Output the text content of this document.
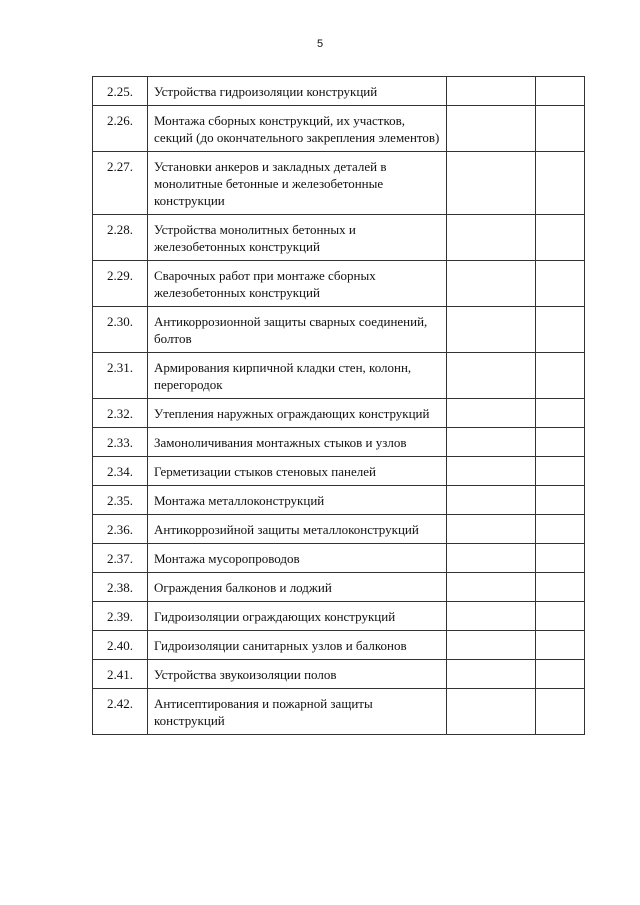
5
2.25.	Устройства гидроизоляции конструкций		
2.26.	Монтажа сборных конструкций, их участков, секций (до окончательного закрепления элементов)		
2.27.	Установки анкеров и закладных деталей в монолитные бетонные и железобетонные конструкции		
2.28.	Устройства монолитных бетонных и железобетонных конструкций		
2.29.	Сварочных работ при монтаже сборных железобетонных конструкций		
2.30.	Антикоррозионной защиты сварных соединений, болтов		
2.31.	Армирования кирпичной кладки стен, колонн, перегородок		
2.32.	Утепления наружных ограждающих конструкций		
2.33.	Замоноличивания монтажных стыков и узлов		
2.34.	Герметизации стыков стеновых панелей		
2.35.	Монтажа металлоконструкций		
2.36.	Антикоррозийной защиты металлоконструкций		
2.37.	Монтажа мусоропроводов		
2.38.	Ограждения балконов и лоджий		
2.39.	Гидроизоляции ограждающих конструкций		
2.40.	Гидроизоляции санитарных узлов и балконов		
2.41.	Устройства звукоизоляции полов		
2.42.	Антисептирования и пожарной защиты конструкций		
